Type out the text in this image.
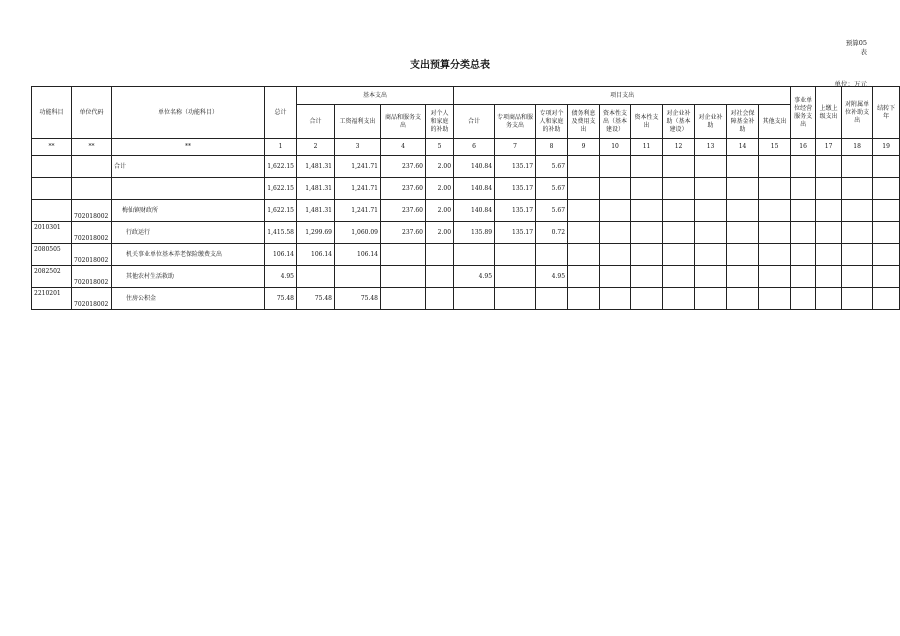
预算05
表
支出预算分类总表
单位：万元
功能科目	单位代码	单位名称（功能科目）	总计	基本支出				项目支出										事业单位经营服务支出	上缴上级支出	对附属单位补助支出	结转下年
				合计	工资福利支出	商品和服务支出	对个人和家庭的补助	合计	专项商品和服务支出	专项对个人和家庭的补助	债务利息及费用支出	资本性支出（基本建设）	资本性支出	对企业补助（基本建设）	对企业补助	对社会保障基金补助	其他支出				
**	**	**	1	2	3	4	5	6	7	8	9	10	11	12	13	14	15	16	17	18	19
		合计	1,622.15	1,481.31	1,241.71	237.60	2.00	140.84	135.17	5.67											
			1,622.15	1,481.31	1,241.71	237.60	2.00	140.84	135.17	5.67											
	702018002	梅仙镇财政所	1,622.15	1,481.31	1,241.71	237.60	2.00	140.84	135.17	5.67											
2010301	702018002	行政运行	1,415.58	1,299.69	1,060.09	237.60	2.00	135.89	135.17	0.72											
2080505	702018002	机关事业单位基本养老保险缴费支出	106.14	106.14	106.14																
2082502	702018002	其他农村生活救助	4.95					4.95		4.95											
2210201	702018002	住房公积金	75.48	75.48	75.48																
